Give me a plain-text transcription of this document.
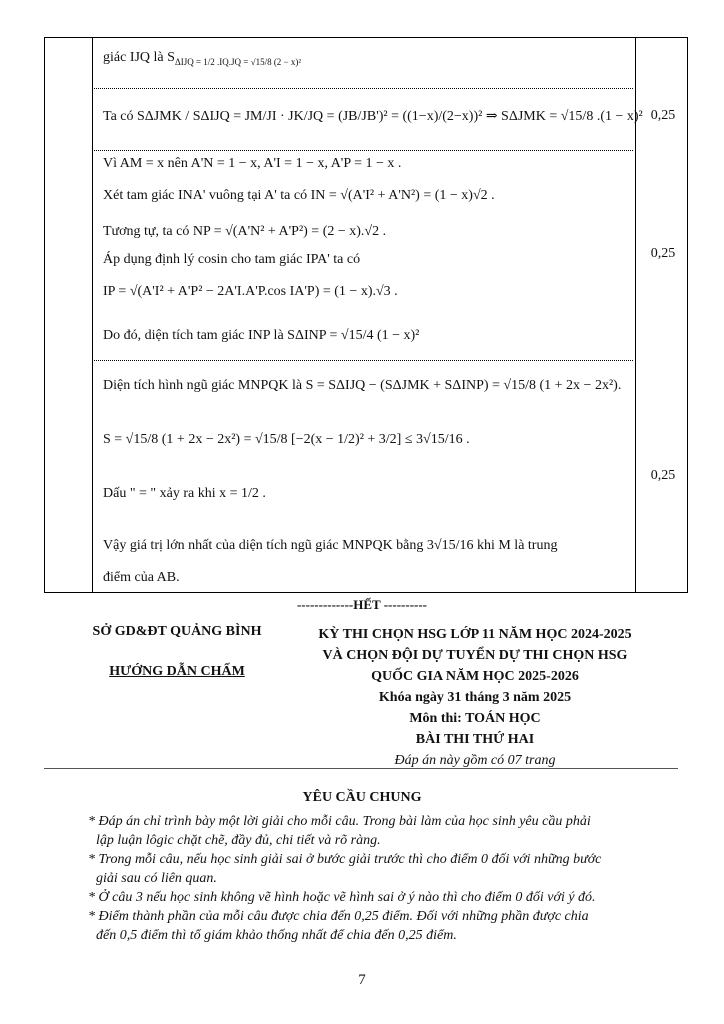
giác IJQ là $S_{\Delta IJQ = 1/2 .IQ.JQ = √15/8 (2 - x)^2}$
Ta có SΔJMK / SΔIJQ = JM/JI · JK/JQ = (JB/JB')² = ((1−x)/(2−x))² ⇒ SΔJMK = √15/8 .(1 − x)² 0,25
Vì AM = x nên A'N = 1 − x, A'I = 1 − x, A'P = 1 − x .
Xét tam giác INA' vuông tại A' ta có IN = √(A'I² + A'N²) = (1 − x)√2 .
Tương tự, ta có NP = √(A'N² + A'P²) = (2 − x).√2 .
Áp dụng định lý cosin cho tam giác IPA' ta có
IP = √(A'I² + A'P² − 2A'I.A'P.cos IA'P) = (1 − x).√3 .
Do đó, diện tích tam giác INP là SΔINP = √15/4 (1 − x)²
0,25
Diện tích hình ngũ giác MNPQK là S = SΔIJQ − (SΔJMK + SΔINP) = √15/8 (1 + 2x − 2x²).
S = √15/8 (1 + 2x − 2x²) = √15/8 [−2(x − 1/2)² + 3/2] ≤ 3√15/16 .
Dấu " = " xảy ra khi x = 1/2 .
Vậy giá trị lớn nhất của diện tích ngũ giác MNPQK bằng 3√15/16 khi M là trung
điểm của AB.
0,25
-------------HẾT ----------
SỞ GD&ĐT QUẢNG BÌNH
HƯỚNG DẪN CHẤM
KỲ THI CHỌN HSG LỚP 11 NĂM HỌC 2024-2025
VÀ CHỌN ĐỘI DỰ TUYỂN DỰ THI CHỌN HSG
QUỐC GIA NĂM HỌC 2025-2026
Khóa ngày 31 tháng 3 năm 2025
Môn thi: TOÁN HỌC
BÀI THI THỨ HAI
Đáp án này gồm có 07 trang
YÊU CẦU CHUNG
* Đáp án chỉ trình bày một lời giải cho mỗi câu. Trong bài làm của học sinh yêu cầu phải
lập luận lôgic chặt chẽ, đầy đủ, chi tiết và rõ ràng.
* Trong mỗi câu, nếu học sinh giải sai ở bước giải trước thì cho điểm 0 đối với những bước
giải sau có liên quan.
* Ở câu 3 nếu học sinh không vẽ hình hoặc vẽ hình sai ở ý nào thì cho điểm 0 đối với ý đó.
* Điểm thành phần của mỗi câu được chia đến 0,25 điểm. Đối với những phần được chia
đến 0,5 điểm thì tổ giám khảo thống nhất để chia đến 0,25 điểm.
7
